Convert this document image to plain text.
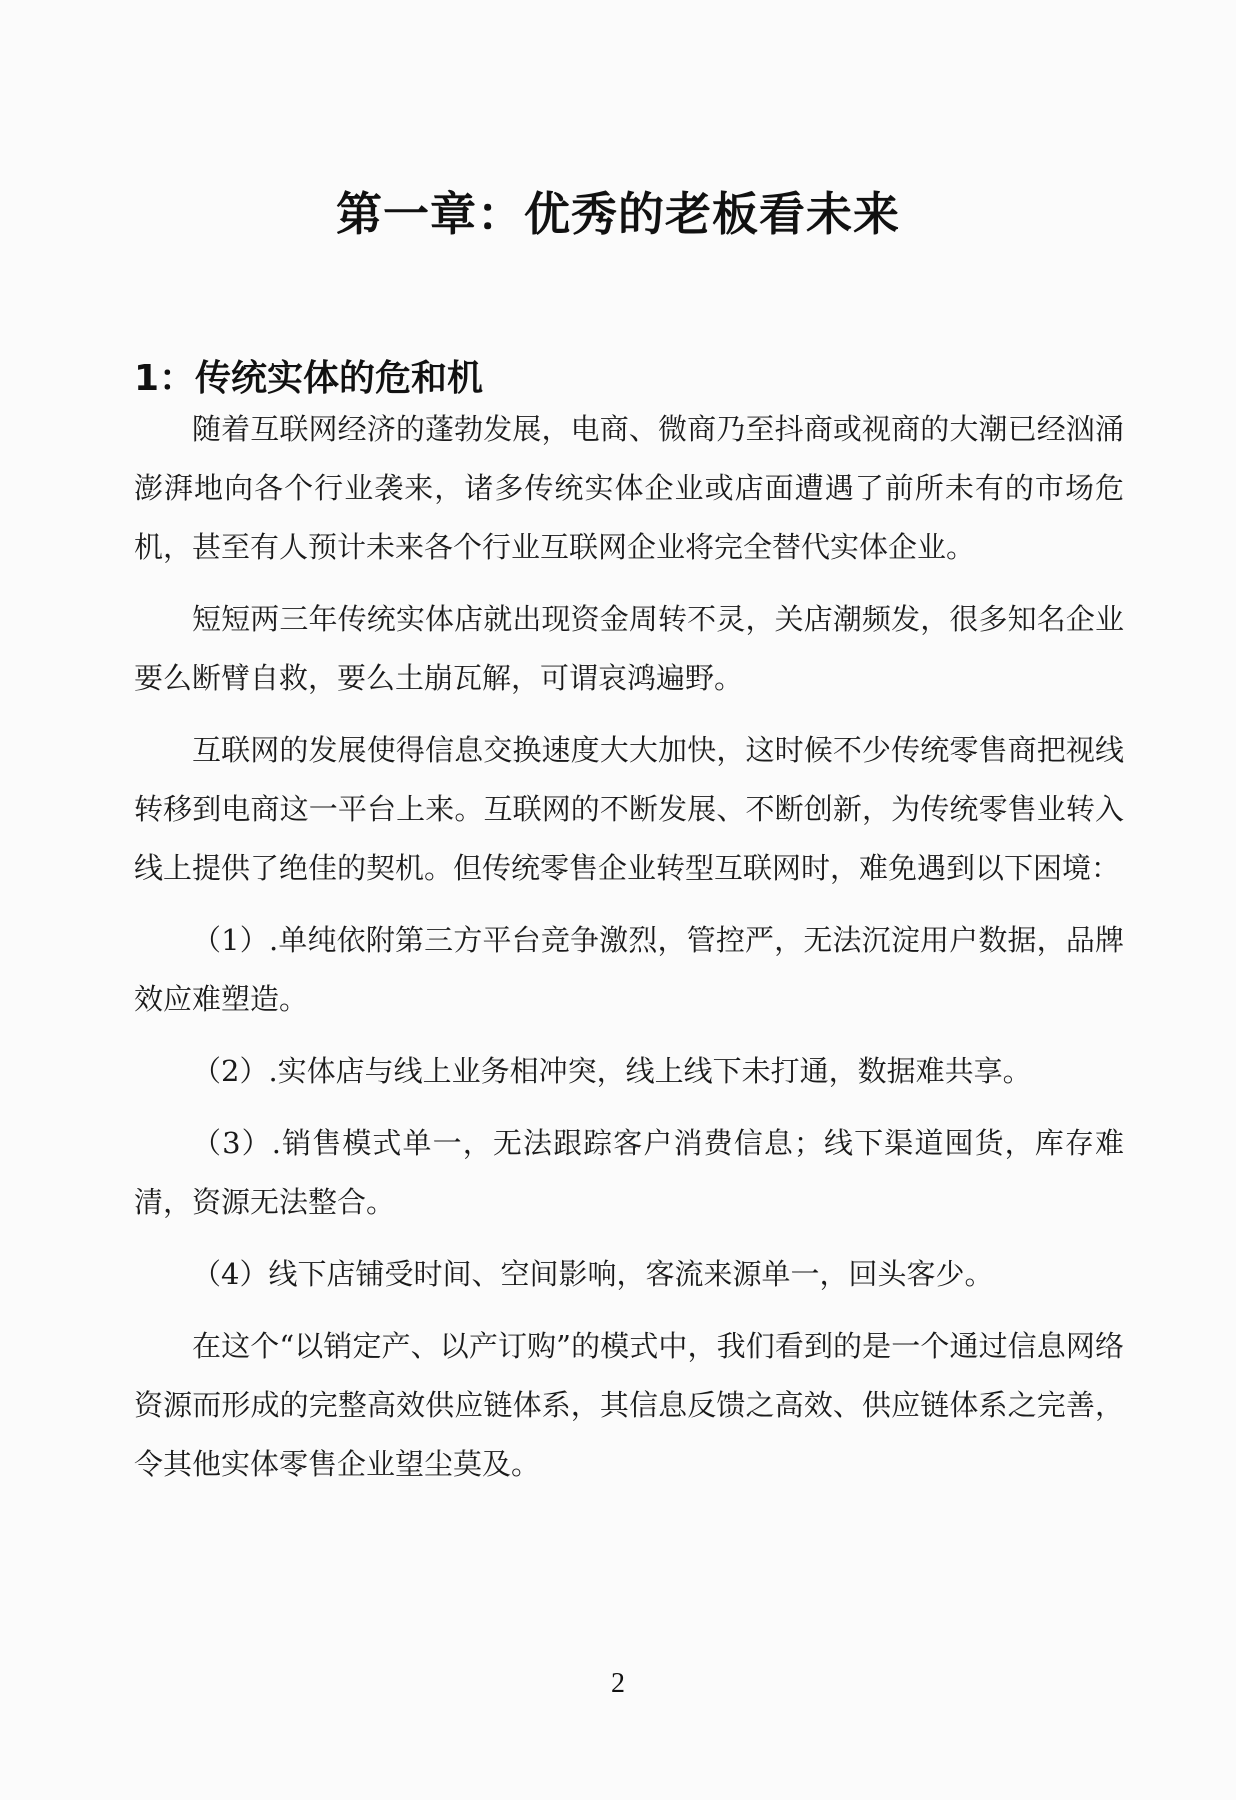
第一章：优秀的老板看未来
1：传统实体的危和机

随着互联网经济的蓬勃发展，电商、微商乃至抖商或视商的大潮已经汹涌澎湃地向各个行业袭来，诸多传统实体企业或店面遭遇了前所未有的市场危机，甚至有人预计未来各个行业互联网企业将完全替代实体企业。

短短两三年传统实体店就出现资金周转不灵，关店潮频发，很多知名企业要么断臂自救，要么土崩瓦解，可谓哀鸿遍野。

互联网的发展使得信息交换速度大大加快，这时候不少传统零售商把视线转移到电商这一平台上来。互联网的不断发展、不断创新，为传统零售业转入线上提供了绝佳的契机。但传统零售企业转型互联网时，难免遇到以下困境：

（1）.单纯依附第三方平台竞争激烈，管控严，无法沉淀用户数据，品牌效应难塑造。

（2）.实体店与线上业务相冲突，线上线下未打通，数据难共享。

（3）.销售模式单一，无法跟踪客户消费信息；线下渠道囤货，库存难清，资源无法整合。

（4）线下店铺受时间、空间影响，客流来源单一，回头客少。

在这个“以销定产、以产订购”的模式中，我们看到的是一个通过信息网络资源而形成的完整高效供应链体系，其信息反馈之高效、供应链体系之完善，令其他实体零售企业望尘莫及。

2
